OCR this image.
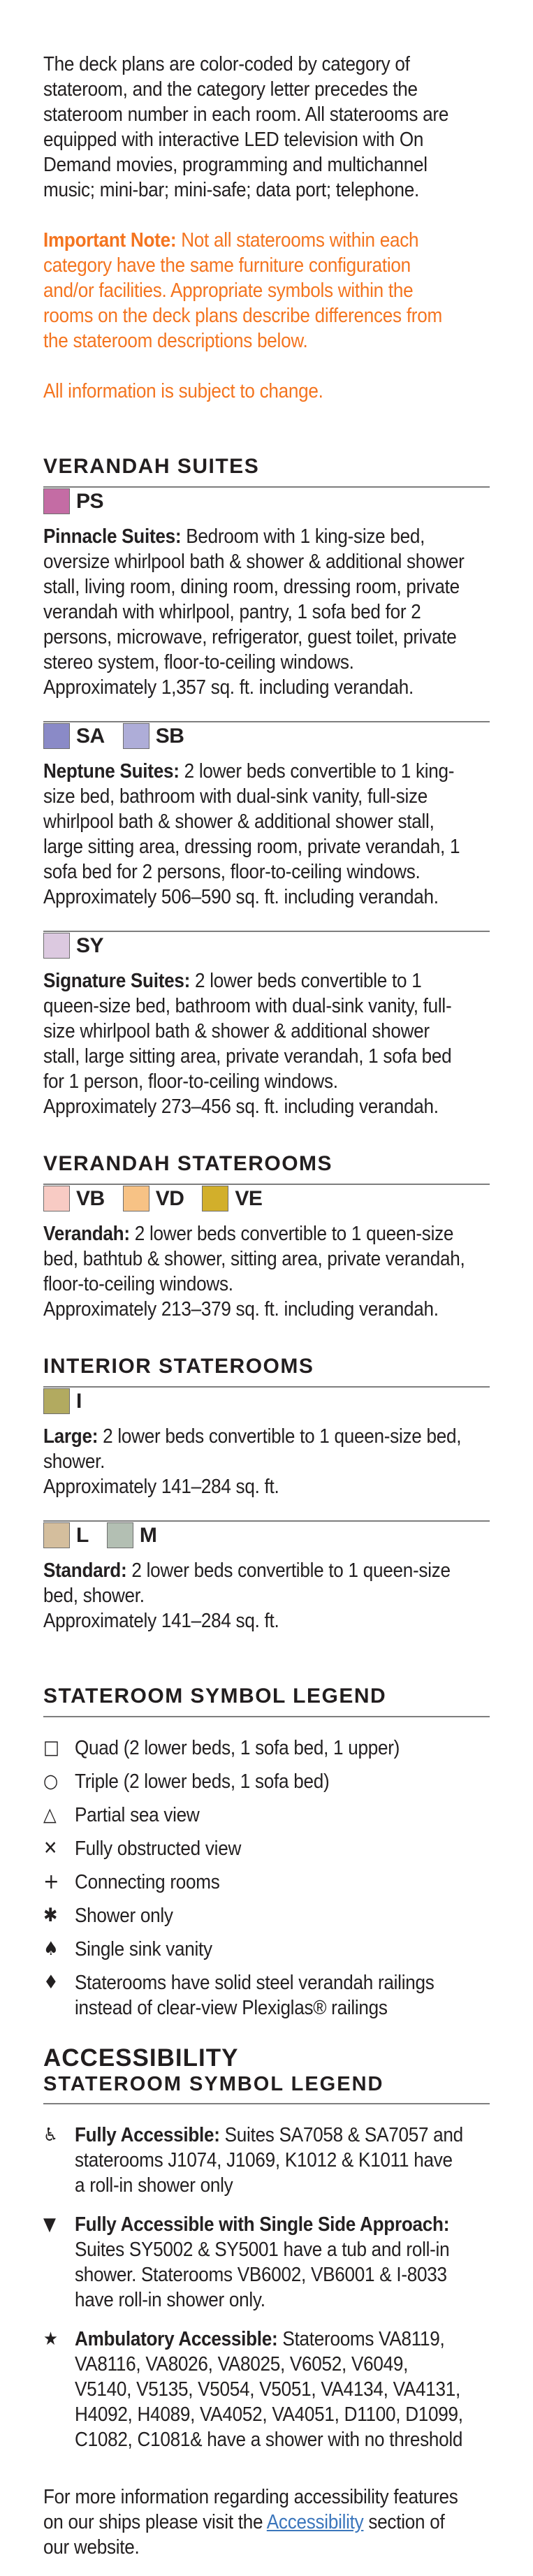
The deck plans are color-coded by category of stateroom, and the category letter precedes the stateroom number in each room. All staterooms are equipped with interactive LED television with On Demand movies, programming and multichannel music; mini-bar; mini-safe; data port; telephone.

Important Note: Not all staterooms within each category have the same furniture configuration and/or facilities. Appropriate symbols within the rooms on the deck plans describe differences from the stateroom descriptions below.

All information is subject to change.

VERANDAH SUITES
PS
Pinnacle Suites: Bedroom with 1 king-size bed, oversize whirlpool bath & shower & additional shower stall, living room, dining room, dressing room, private verandah with whirlpool, pantry, 1 sofa bed for 2 persons, microwave, refrigerator, guest toilet, private stereo system, floor-to-ceiling windows.
Approximately 1,357 sq. ft. including verandah.
SA SB
Neptune Suites: 2 lower beds convertible to 1 king-size bed, bathroom with dual-sink vanity, full-size whirlpool bath & shower & additional shower stall, large sitting area, dressing room, private verandah, 1 sofa bed for 2 persons, floor-to-ceiling windows.
Approximately 506–590 sq. ft. including verandah.
SY
Signature Suites: 2 lower beds convertible to 1 queen-size bed, bathroom with dual-sink vanity, full-size whirlpool bath & shower & additional shower stall, large sitting area, private verandah, 1 sofa bed for 1 person, floor-to-ceiling windows.
Approximately 273–456 sq. ft. including verandah.
VERANDAH STATEROOMS
VB VD VE
Verandah: 2 lower beds convertible to 1 queen-size bed, bathtub & shower, sitting area, private verandah, floor-to-ceiling windows.
Approximately 213–379 sq. ft. including verandah.
INTERIOR STATEROOMS
I
Large: 2 lower beds convertible to 1 queen-size bed, shower.
Approximately 141–284 sq. ft.
L M
Standard: 2 lower beds convertible to 1 queen-size bed, shower.
Approximately 141–284 sq. ft.
STATEROOM SYMBOL LEGEND
□ Quad (2 lower beds, 1 sofa bed, 1 upper)
○ Triple (2 lower beds, 1 sofa bed)
△ Partial sea view
✕ Fully obstructed view
+ Connecting rooms
✱ Shower only
♠ Single sink vanity
♦ Staterooms have solid steel verandah railings instead of clear-view Plexiglas® railings
ACCESSIBILITY
STATEROOM SYMBOL LEGEND
♿ Fully Accessible: Suites SA7058 & SA7057 and staterooms J1074, J1069, K1012 & K1011 have a roll-in shower only
▼ Fully Accessible with Single Side Approach: Suites SY5002 & SY5001 have a tub and roll-in shower. Staterooms VB6002, VB6001 & I-8033 have roll-in shower only.
★ Ambulatory Accessible: Staterooms VA8119, VA8116, VA8026, VA8025, V6052, V6049, V5140, V5135, V5054, V5051, VA4134, VA4131, H4092, H4089, VA4052, VA4051, D1100, D1099, C1082, C1081& have a shower with no threshold

For more information regarding accessibility features on our ships please visit the Accessibility section of our website.
